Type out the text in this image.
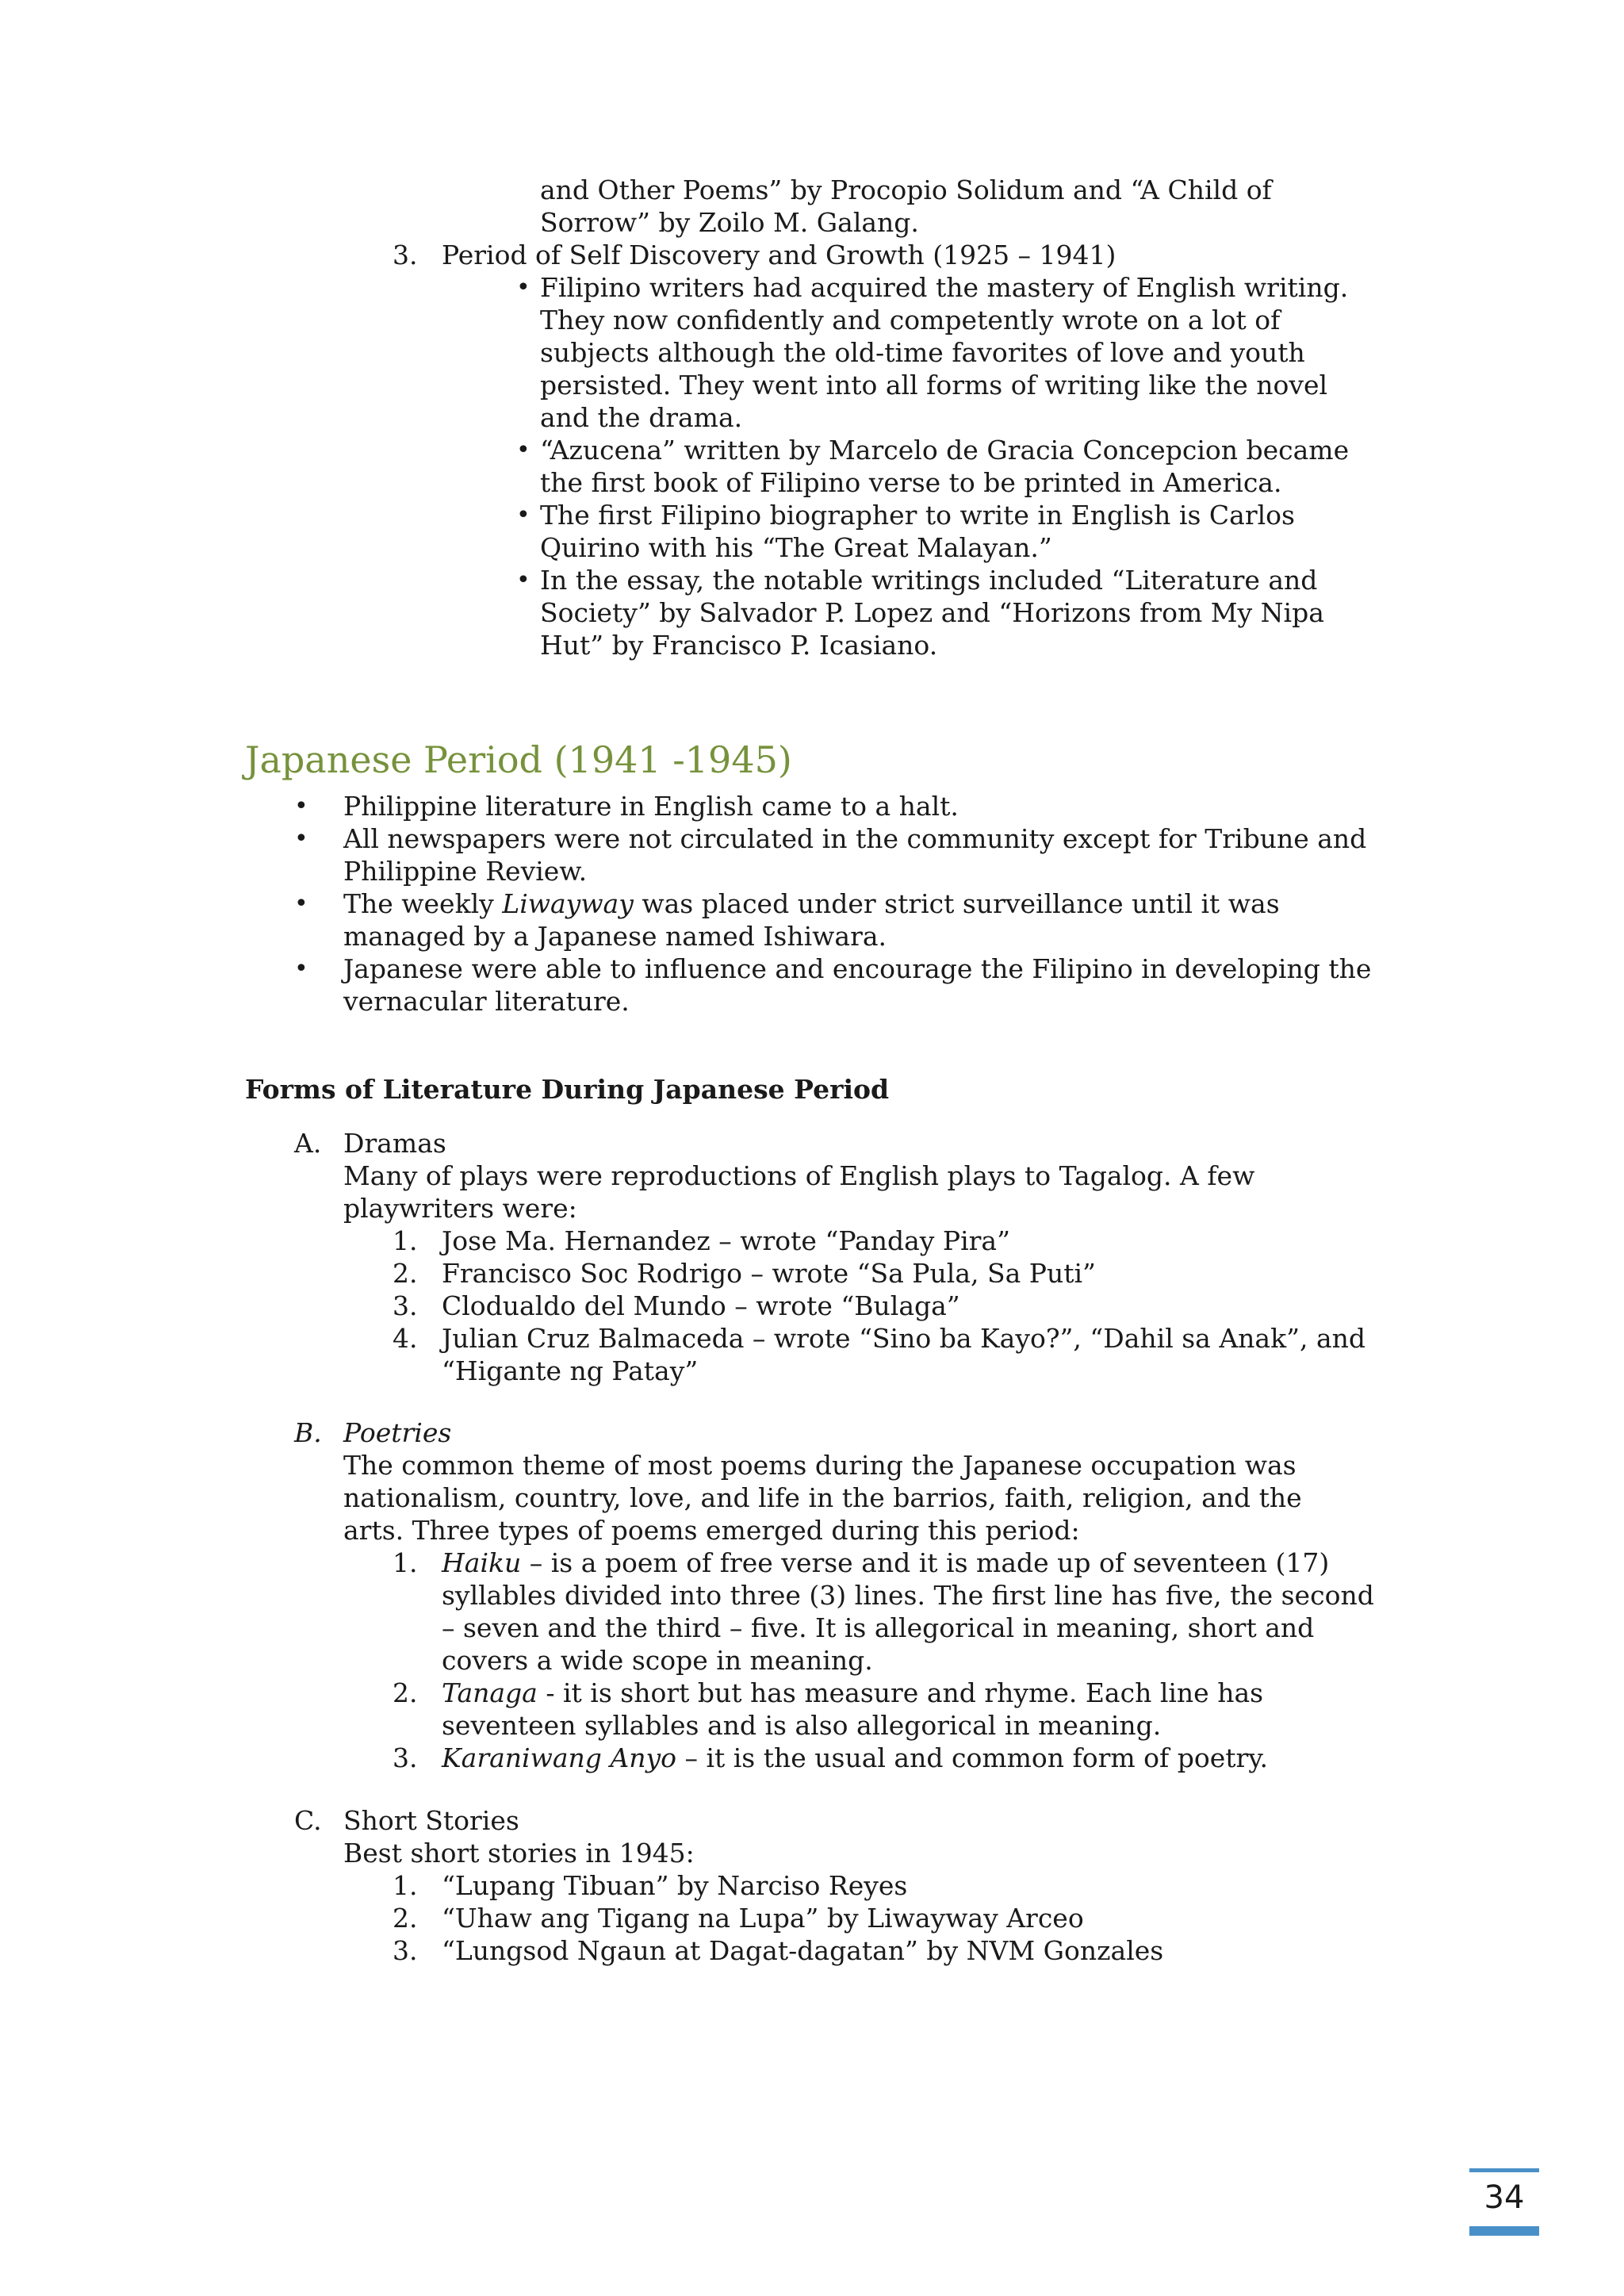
and Other Poems” by Procopio Solidum and “A Child of
Sorrow” by Zoilo M. Galang.
3. Period of Self Discovery and Growth (1925 – 1941)
• Filipino writers had acquired the mastery of English writing.
They now confidently and competently wrote on a lot of
subjects although the old-time favorites of love and youth
persisted. They went into all forms of writing like the novel
and the drama.
• “Azucena” written by Marcelo de Gracia Concepcion became
the first book of Filipino verse to be printed in America.
• The first Filipino biographer to write in English is Carlos
Quirino with his “The Great Malayan.”
• In the essay, the notable writings included “Literature and
Society” by Salvador P. Lopez and “Horizons from My Nipa
Hut” by Francisco P. Icasiano.
Japanese Period (1941 -1945)
• Philippine literature in English came to a halt.
• All newspapers were not circulated in the community except for Tribune and
Philippine Review.
• The weekly Liwayway was placed under strict surveillance until it was
managed by a Japanese named Ishiwara.
• Japanese were able to influence and encourage the Filipino in developing the
vernacular literature.
Forms of Literature During Japanese Period
A. Dramas
Many of plays were reproductions of English plays to Tagalog. A few
playwriters were:
1. Jose Ma. Hernandez – wrote “Panday Pira”
2. Francisco Soc Rodrigo – wrote “Sa Pula, Sa Puti”
3. Clodualdo del Mundo – wrote “Bulaga”
4. Julian Cruz Balmaceda – wrote “Sino ba Kayo?”, “Dahil sa Anak”, and
“Higante ng Patay”
B. Poetries
The common theme of most poems during the Japanese occupation was
nationalism, country, love, and life in the barrios, faith, religion, and the
arts. Three types of poems emerged during this period:
1. Haiku – is a poem of free verse and it is made up of seventeen (17)
syllables divided into three (3) lines. The first line has five, the second
– seven and the third – five. It is allegorical in meaning, short and
covers a wide scope in meaning.
2. Tanaga - it is short but has measure and rhyme. Each line has
seventeen syllables and is also allegorical in meaning.
3. Karaniwang Anyo – it is the usual and common form of poetry.
C. Short Stories
Best short stories in 1945:
1. “Lupang Tibuan” by Narciso Reyes
2. “Uhaw ang Tigang na Lupa” by Liwayway Arceo
3. “Lungsod Ngaun at Dagat-dagatan” by NVM Gonzales
34
